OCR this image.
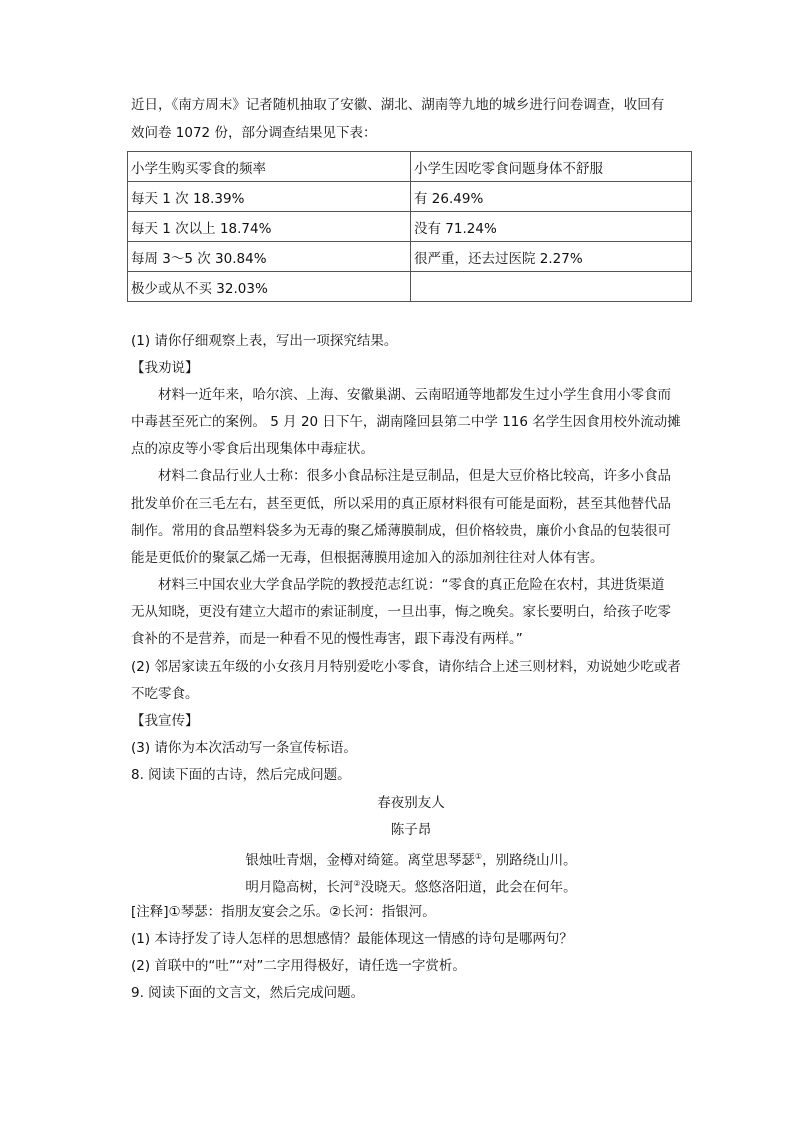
近日，《南方周末》记者随机抽取了安徽、湖北、湖南等九地的城乡进行问卷调查，收回有
效问卷 1072 份，部分调查结果见下表：
小学生购买零食的频率	小学生因吃零食问题身体不舒服
每天 1 次 18.39%	有 26.49%
每天 1 次以上 18.74%	没有 71.24%
每周 3～5 次 30.84%	很严重，还去过医院 2.27%
极少或从不买 32.03%	
(1) 请你仔细观察上表，写出一项探究结果。
【我劝说】
材料一近年来，哈尔滨、上海、安徽巢湖、云南昭通等地都发生过小学生食用小零食而
中毒甚至死亡的案例。 5 月 20 日下午，湖南隆回县第二中学 116 名学生因食用校外流动摊
点的凉皮等小零食后出现集体中毒症状。
材料二食品行业人士称：很多小食品标注是豆制品，但是大豆价格比较高，许多小食品
批发单价在三毛左右，甚至更低，所以采用的真正原材料很有可能是面粉，甚至其他替代品
制作。常用的食品塑料袋多为无毒的聚乙烯薄膜制成，但价格较贵，廉价小食品的包装很可
能是更低价的聚氯乙烯一无毒，但根据薄膜用途加入的添加剂往往对人体有害。
材料三中国农业大学食品学院的教授范志红说：“零食的真正危险在农村，其进货渠道
无从知晓，更没有建立大超市的索证制度，一旦出事，悔之晚矣。家长要明白，给孩子吃零
食补的不是营养，而是一种看不见的慢性毒害，跟下毒没有两样。”
(2) 邻居家读五年级的小女孩月月特别爱吃小零食，请你结合上述三则材料，劝说她少吃或者
不吃零食。
【我宣传】
(3) 请你为本次活动写一条宣传标语。
8. 阅读下面的古诗，然后完成问题。
春夜别友人
陈子昂
银烛吐青烟，金樽对绮筵。离堂思琴瑟①，别路绕山川。
明月隐高树，长河②没晓天。悠悠洛阳道，此会在何年。
[注释]①琴瑟：指朋友宴会之乐。②长河：指银河。
(1) 本诗抒发了诗人怎样的思想感情？最能体现这一情感的诗句是哪两句？
(2) 首联中的“吐”“对”二字用得极好，请任选一字赏析。
9. 阅读下面的文言文，然后完成问题。
